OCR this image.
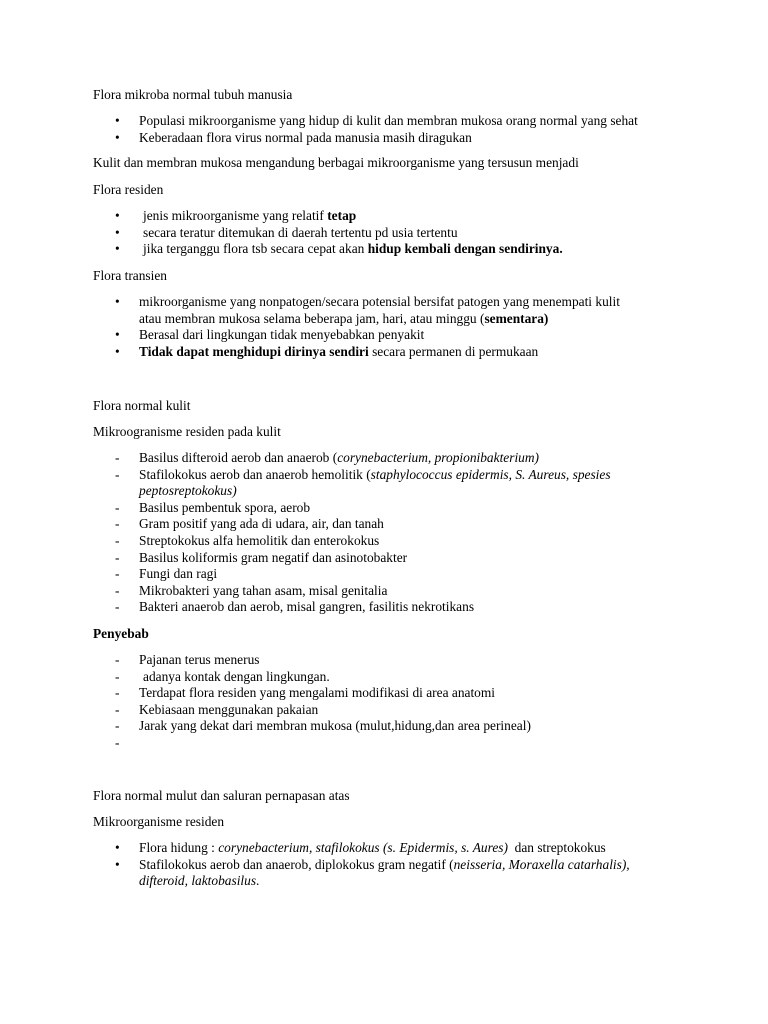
Flora mikroba normal tubuh manusia

•	Populasi mikroorganisme yang hidup di kulit dan membran mukosa orang normal yang sehat
•	Keberadaan flora virus normal pada manusia masih diragukan

Kulit dan membran mukosa mengandung berbagai mikroorganisme yang tersusun menjadi

Flora residen

•	jenis mikroorganisme yang relatif tetap
•	secara teratur ditemukan di daerah tertentu pd usia tertentu
•	jika terganggu flora tsb secara cepat akan hidup kembali dengan sendirinya.

Flora transien

•	mikroorganisme yang nonpatogen/secara potensial bersifat patogen yang menempati kulit
atau membran mukosa selama beberapa jam, hari, atau minggu (sementara)
•	Berasal dari lingkungan tidak menyebabkan penyakit
•	Tidak dapat menghidupi dirinya sendiri secara permanen di permukaan

Flora normal kulit

Mikroogranisme residen pada kulit

-	Basilus difteroid aerob dan anaerob (corynebacterium, propionibakterium)
-	Stafilokokus aerob dan anaerob hemolitik (staphylococcus epidermis, S. Aureus, spesies
peptosreptokokus)
-	Basilus pembentuk spora, aerob
-	Gram positif yang ada di udara, air, dan tanah
-	Streptokokus alfa hemolitik dan enterokokus
-	Basilus koliformis gram negatif dan asinotobakter
-	Fungi dan ragi
-	Mikrobakteri yang tahan asam, misal genitalia
-	Bakteri anaerob dan aerob, misal gangren, fasilitis nekrotikans

Penyebab

-	Pajanan terus menerus
-	adanya kontak dengan lingkungan.
-	Terdapat flora residen yang mengalami modifikasi di area anatomi
-	Kebiasaan menggunakan pakaian
-	Jarak yang dekat dari membran mukosa (mulut,hidung,dan area perineal)
-

Flora normal mulut dan saluran pernapasan atas

Mikroorganisme residen

•	Flora hidung : corynebacterium, stafilokokus (s. Epidermis, s. Aures)  dan streptokokus
•	Stafilokokus aerob dan anaerob, diplokokus gram negatif (neisseria, Moraxella catarhalis),
difteroid, laktobasilus.
